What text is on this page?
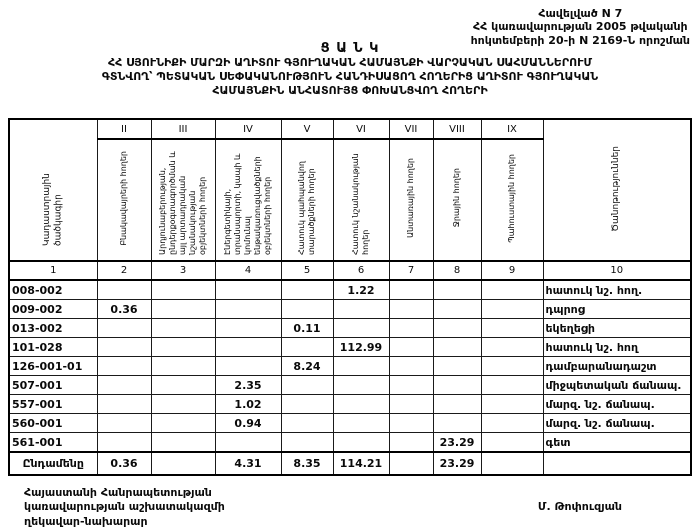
Հավելված N 7
ՀՀ կառավարության 2005 թվականի
հոկտեմբերի 20-ի N 2169-Ն որոշման
Ց Ա Ն Կ
ՀՀ ՍՅՈՒՆԻՔԻ ՄԱՐԶԻ ԱՂԻՏՈՒ ԳՅՈՒՂԱԿԱՆ ՀԱՄԱՅՆՔԻ ՎԱՐՉԱԿԱՆ ՍԱՀՄԱՆՆԵՐՈՒՄ
ԳՏՆՎՈՂ՝ ՊԵՏԱԿԱՆ ՍԵՓԱԿԱՆՈՒԹՅՈՒՆ ՀԱՆԴԻՍԱՑՈՂ ՀՈՂԵՐԻՑ ԱՂԻՏՈՒ ԳՅՈՒՂԱԿԱՆ
ՀԱՄԱՅՆՔԻՆ ԱՆՀԱՏՈՒՅՑ ՓՈԽԱՆՑՎՈՂ ՀՈՂԵՐԻ
Կադաստրային ծածկագիր	II	III	IV	V	VI	VII	VIII	IX	Ծանոթություններ
	Բնակավայրերի հողեր	Արդյունաբերության, ընդերքօգտագործման և այլ արտադրական նշանակության օբյեկտների հողեր	Էներգետիկայի, տրանսպորտի, կապի և կոմունալ ենթակառուցվածքների օբյեկտների հողեր	Հատուկ պահպանվող տարածքների հողեր	Հատուկ նշանակության հողեր	Անտառային հողեր	Ջրային հողեր	Պահուստային հողեր	
1	2	3	4	5	6	7	8	9	10
008-002					1.22				հատուկ նշ. հող.
009-002	0.36								դպրոց
013-002				0.11					եկեղեցի
101-028					112.99				հատուկ նշ. հող
126-001-01				8.24					դամբարանադաշտ
507-001			2.35						միջպետական ճանապ.
557-001			1.02						մարզ. նշ. ճանապ.
560-001			0.94						մարզ. նշ. ճանապ.
561-001							23.29		գետ
Ընդամենը	0.36		4.31	8.35	114.21		23.29		
Հայաստանի Հանրապետության
կառավարության աշխատակազմի
ղեկավար-նախարար
Մ. Թոփուզյան
